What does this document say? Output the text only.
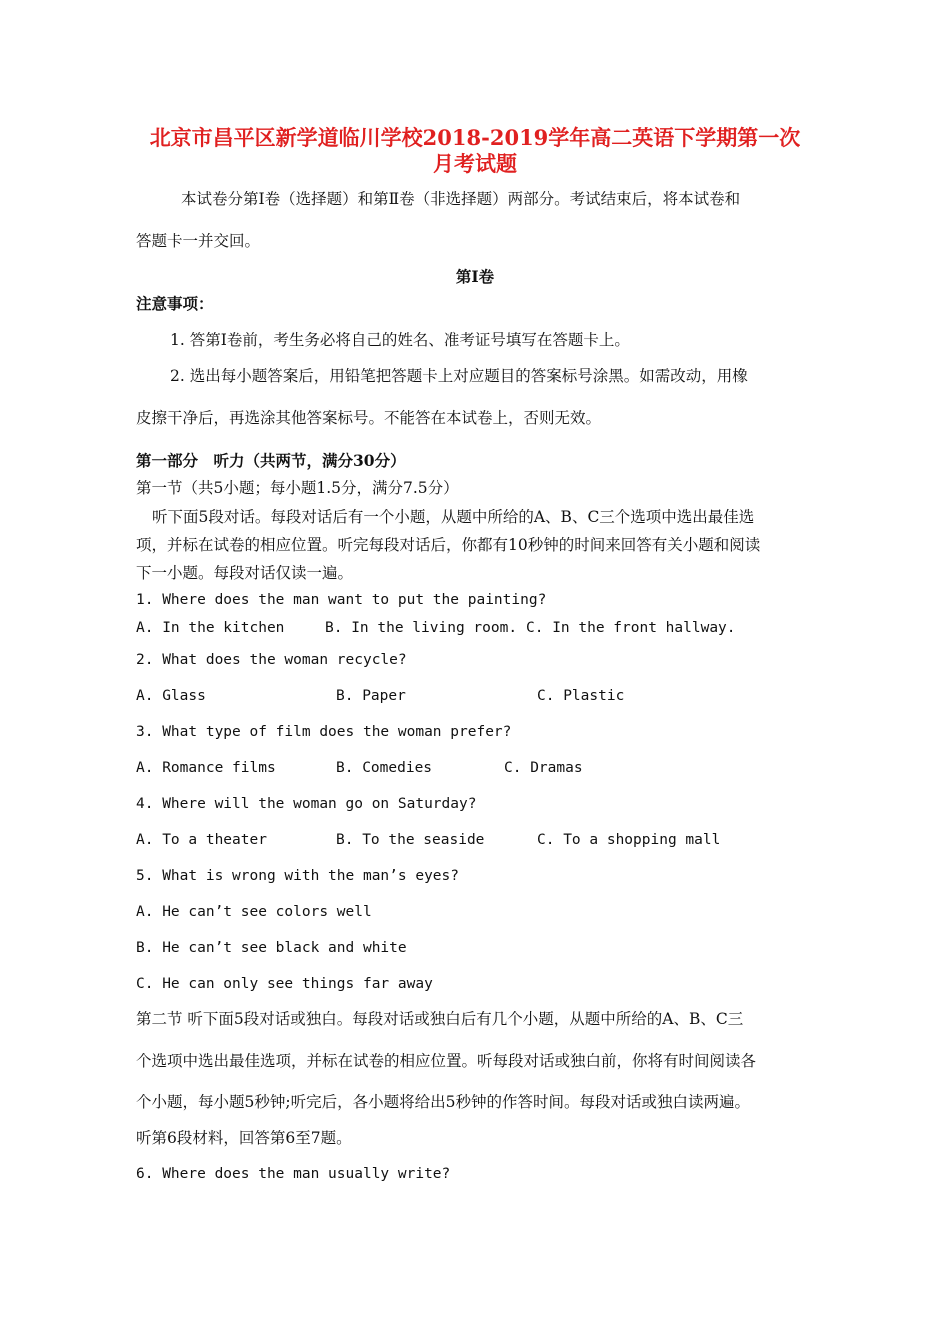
北京市昌平区新学道临川学校2018-2019学年高二英语下学期第一次
月考试题
本试卷分第Ⅰ卷（选择题）和第Ⅱ卷（非选择题）两部分。考试结束后，将本试卷和
答题卡一并交回。
第Ⅰ卷
注意事项：
1. 答第Ⅰ卷前，考生务必将自己的姓名、准考证号填写在答题卡上。
2. 选出每小题答案后，用铅笔把答题卡上对应题目的答案标号涂黑。如需改动，用橡
皮擦干净后，再选涂其他答案标号。不能答在本试卷上，否则无效。
第一部分　听力（共两节，满分30分）
第一节（共5小题；每小题1.5分，满分7.5分）
听下面5段对话。每段对话后有一个小题，从题中所给的A、B、C三个选项中选出最佳选
项，并标在试卷的相应位置。听完每段对话后，你都有10秒钟的时间来回答有关小题和阅读
下一小题。每段对话仅读一遍。
1. Where does the man want to put the painting?
A. In the kitchen	B. In the living room. C. In the front hallway.
2. What does the woman recycle?
A. Glass	B. Paper	C. Plastic
3. What type of film does the woman prefer?
A. Romance films	B. Comedies	C. Dramas
4. Where will the woman go on Saturday?
A. To a theater	B. To the seaside	C. To a shopping mall
5. What is wrong with the man’s eyes?
A. He can’t see colors well
B. He can’t see black and white
C. He can only see things far away
第二节 听下面5段对话或独白。每段对话或独白后有几个小题，从题中所给的A、B、C三
个选项中选出最佳选项，并标在试卷的相应位置。听每段对话或独白前，你将有时间阅读各
个小题，每小题5秒钟;听完后，各小题将给出5秒钟的作答时间。每段对话或独白读两遍。
听第6段材料，回答第6至7题。
6. Where does the man usually write?
